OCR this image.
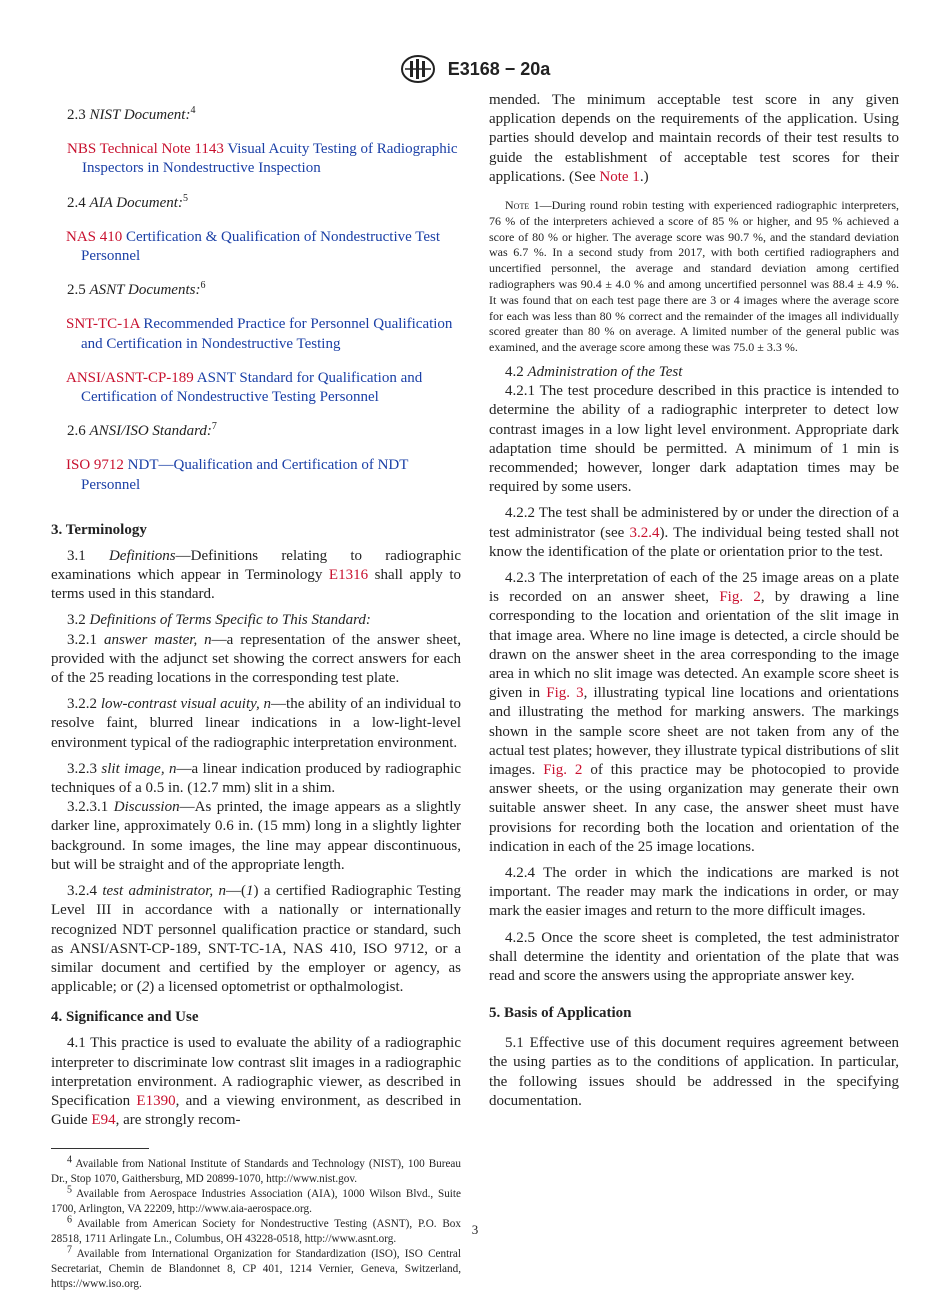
E3168 − 20a

2.3 NIST Document:$^4$

NBS Technical Note 1143 Visual Acuity Testing of Radiographic Inspectors in Nondestructive Inspection

2.4 AIA Document:$^5$

NAS 410 Certification & Qualification of Nondestructive Test Personnel

2.5 ASNT Documents:$^6$

SNT-TC-1A Recommended Practice for Personnel Qualification and Certification in Nondestructive Testing

ANSI/ASNT-CP-189 ASNT Standard for Qualification and Certification of Nondestructive Testing Personnel

2.6 ANSI/ISO Standard:$^7$

ISO 9712 NDT—Qualification and Certification of NDT Personnel

3. Terminology

3.1 Definitions—Definitions relating to radiographic examinations which appear in Terminology E1316 shall apply to terms used in this standard.

3.2 Definitions of Terms Specific to This Standard:

3.2.1 answer master, n—a representation of the answer sheet, provided with the adjunct set showing the correct answers for each of the 25 reading locations in the corresponding test plate.

3.2.2 low-contrast visual acuity, n—the ability of an individual to resolve faint, blurred linear indications in a low-light-level environment typical of the radiographic interpretation environment.

3.2.3 slit image, n—a linear indication produced by radiographic techniques of a 0.5 in. (12.7 mm) slit in a shim.

3.2.3.1 Discussion—As printed, the image appears as a slightly darker line, approximately 0.6 in. (15 mm) long in a slightly lighter background. In some images, the line may appear discontinuous, but will be straight and of the appropriate length.

3.2.4 test administrator, n—(1) a certified Radiographic Testing Level III in accordance with a nationally or internationally recognized NDT personnel qualification practice or standard, such as ANSI/ASNT-CP-189, SNT-TC-1A, NAS 410, ISO 9712, or a similar document and certified by the employer or agency, as applicable; or (2) a licensed optometrist or opthalmologist.

4. Significance and Use

4.1 This practice is used to evaluate the ability of a radiographic interpreter to discriminate low contrast slit images in a radiographic interpretation environment. A radiographic viewer, as described in Specification E1390, and a viewing environment, as described in Guide E94, are strongly recom-

$^4$ Available from National Institute of Standards and Technology (NIST), 100 Bureau Dr., Stop 1070, Gaithersburg, MD 20899-1070, http://www.nist.gov.

$^5$ Available from Aerospace Industries Association (AIA), 1000 Wilson Blvd., Suite 1700, Arlington, VA 22209, http://www.aia-aerospace.org.

$^6$ Available from American Society for Nondestructive Testing (ASNT), P.O. Box 28518, 1711 Arlingate Ln., Columbus, OH 43228-0518, http://www.asnt.org.

$^7$ Available from International Organization for Standardization (ISO), ISO Central Secretariat, Chemin de Blandonnet 8, CP 401, 1214 Vernier, Geneva, Switzerland, https://www.iso.org.

mended. The minimum acceptable test score in any given application depends on the requirements of the application. Using parties should develop and maintain records of their test results to guide the establishment of acceptable test scores for their applications. (See Note 1.)

Note 1—During round robin testing with experienced radiographic interpreters, 76 % of the interpreters achieved a score of 85 % or higher, and 95 % achieved a score of 80 % or higher. The average score was 90.7 %, and the standard deviation was 6.7 %. In a second study from 2017, with both certified radiographers and uncertified personnel, the average and standard deviation among certified radiographers was 90.4 ± 4.0 % and among uncertified personnel was 88.4 ± 4.9 %. It was found that on each test page there are 3 or 4 images where the average score for each was less than 80 % correct and the remainder of the images all individually scored greater than 80 % on average. A limited number of the general public was examined, and the average score among these was 75.0 ± 3.3 %.

4.2 Administration of the Test

4.2.1 The test procedure described in this practice is intended to determine the ability of a radiographic interpreter to detect low contrast images in a low light level environment. Appropriate dark adaptation time should be permitted. A minimum of 1 min is recommended; however, longer dark adaptation times may be required by some users.

4.2.2 The test shall be administered by or under the direction of a test administrator (see 3.2.4). The individual being tested shall not know the identification of the plate or orientation prior to the test.

4.2.3 The interpretation of each of the 25 image areas on a plate is recorded on an answer sheet, Fig. 2, by drawing a line corresponding to the location and orientation of the slit image in that image area. Where no line image is detected, a circle should be drawn on the answer sheet in the area corresponding to the image area in which no slit image was detected. An example score sheet is given in Fig. 3, illustrating typical line locations and orientations and illustrating the method for marking answers. The markings shown in the sample score sheet are not taken from any of the actual test plates; however, they illustrate typical distributions of slit images. Fig. 2 of this practice may be photocopied to provide answer sheets, or the using organization may generate their own suitable answer sheet. In any case, the answer sheet must have provisions for recording both the location and orientation of the indication in each of the 25 image locations.

4.2.4 The order in which the indications are marked is not important. The reader may mark the indications in order, or may mark the easier images and return to the more difficult images.

4.2.5 Once the score sheet is completed, the test administrator shall determine the identity and orientation of the plate that was read and score the answers using the appropriate answer key.

5. Basis of Application

5.1 Effective use of this document requires agreement between the using parties as to the conditions of application. In particular, the following issues should be addressed in the specifying documentation.

3
